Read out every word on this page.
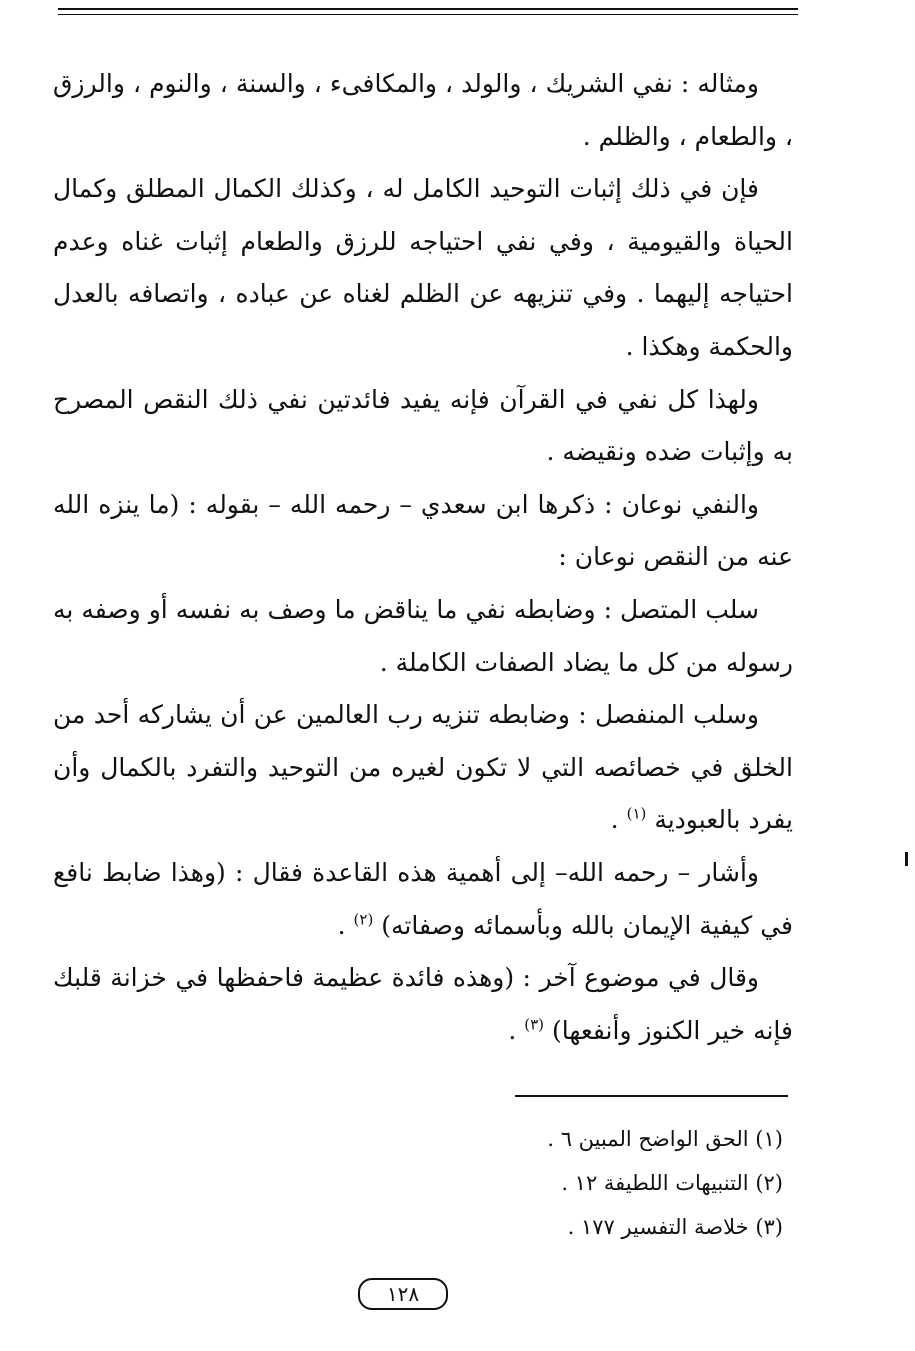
ومثاله : نفي الشريك ، والولد ، والمكافىء ، والسنة ، والنوم ، والرزق ، والطعام ، والظلم .

فإن في ذلك إثبات التوحيد الكامل له ، وكذلك الكمال المطلق وكمال الحياة والقيومية ، وفي نفي احتياجه للرزق والطعام إثبات غناه وعدم احتياجه إليهما . وفي تنزيهه عن الظلم لغناه عن عباده ، واتصافه بالعدل والحكمة وهكذا .

ولهذا كل نفي في القرآن فإنه يفيد فائدتين نفي ذلك النقص المصرح به وإثبات ضده ونقيضه .

والنفي نوعان : ذكرها ابن سعدي – رحمه الله – بقوله : (ما ينزه الله عنه من النقص نوعان :

سلب المتصل : وضابطه نفي ما يناقض ما وصف به نفسه أو وصفه به رسوله من كل ما يضاد الصفات الكاملة .

وسلب المنفصل : وضابطه تنزيه رب العالمين عن أن يشاركه أحد من الخلق في خصائصه التي لا تكون لغيره من التوحيد والتفرد بالكمال وأن يفرد بالعبودية $^{(١)}$ .

وأشار – رحمه الله– إلى أهمية هذه القاعدة فقال : (وهذا ضابط نافع في كيفية الإيمان بالله وبأسمائه وصفاته) $^{(٢)}$ .

وقال في موضوع آخر : (وهذه فائدة عظيمة فاحفظها في خزانة قلبك فإنه خير الكنوز وأنفعها) $^{(٣)}$ .

(١) الحق الواضح المبين ٦ .
(٢) التنبيهات اللطيفة ١٢ .
(٣) خلاصة التفسير ١٧٧ .
١٢٨
